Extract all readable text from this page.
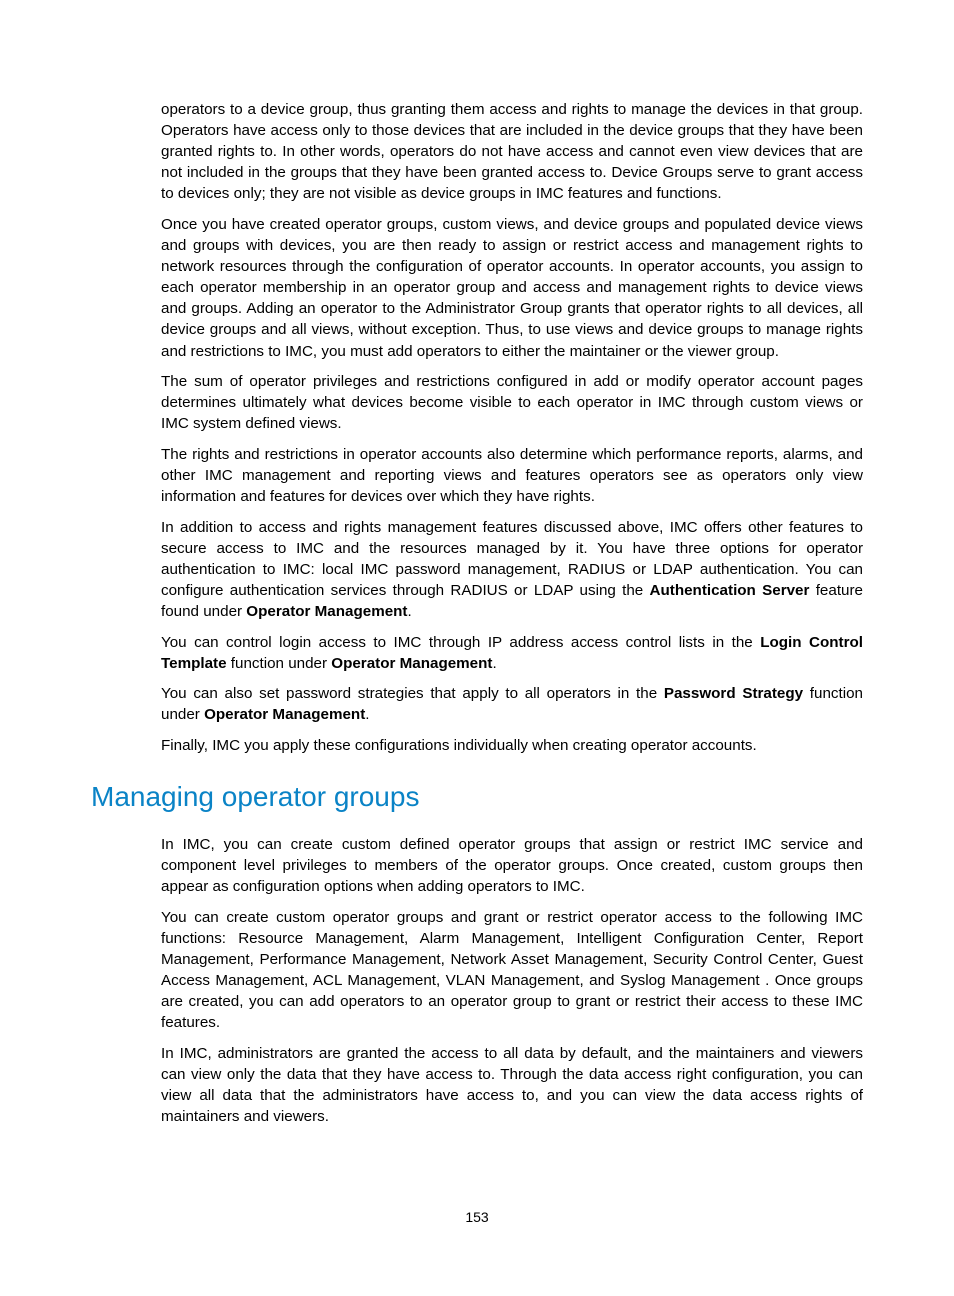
operators to a device group, thus granting them access and rights to manage the devices in that group. Operators have access only to those devices that are included in the device groups that they have been granted rights to. In other words, operators do not have access and cannot even view devices that are not included in the groups that they have been granted access to. Device Groups serve to grant access to devices only; they are not visible as device groups in IMC features and functions.

Once you have created operator groups, custom views, and device groups and populated device views and groups with devices, you are then ready to assign or restrict access and management rights to network resources through the configuration of operator accounts. In operator accounts, you assign to each operator membership in an operator group and access and management rights to device views and groups. Adding an operator to the Administrator Group grants that operator rights to all devices, all device groups and all views, without exception. Thus, to use views and device groups to manage rights and restrictions to IMC, you must add operators to either the maintainer or the viewer group.

The sum of operator privileges and restrictions configured in add or modify operator account pages determines ultimately what devices become visible to each operator in IMC through custom views or IMC system defined views.

The rights and restrictions in operator accounts also determine which performance reports, alarms, and other IMC management and reporting views and features operators see as operators only view information and features for devices over which they have rights.

In addition to access and rights management features discussed above, IMC offers other features to secure access to IMC and the resources managed by it. You have three options for operator authentication to IMC: local IMC password management, RADIUS or LDAP authentication. You can configure authentication services through RADIUS or LDAP using the Authentication Server feature found under Operator Management.

You can control login access to IMC through IP address access control lists in the Login Control Template function under Operator Management.

You can also set password strategies that apply to all operators in the Password Strategy function under Operator Management.

Finally, IMC you apply these configurations individually when creating operator accounts.

Managing operator groups

In IMC, you can create custom defined operator groups that assign or restrict IMC service and component level privileges to members of the operator groups. Once created, custom groups then appear as configuration options when adding operators to IMC.

You can create custom operator groups and grant or restrict operator access to the following IMC functions: Resource Management, Alarm Management, Intelligent Configuration Center, Report Management, Performance Management, Network Asset Management, Security Control Center, Guest Access Management, ACL Management, VLAN Management, and Syslog Management . Once groups are created, you can add operators to an operator group to grant or restrict their access to these IMC features.

In IMC, administrators are granted the access to all data by default, and the maintainers and viewers can view only the data that they have access to. Through the data access right configuration, you can view all data that the administrators have access to, and you can view the data access rights of maintainers and viewers.

153
